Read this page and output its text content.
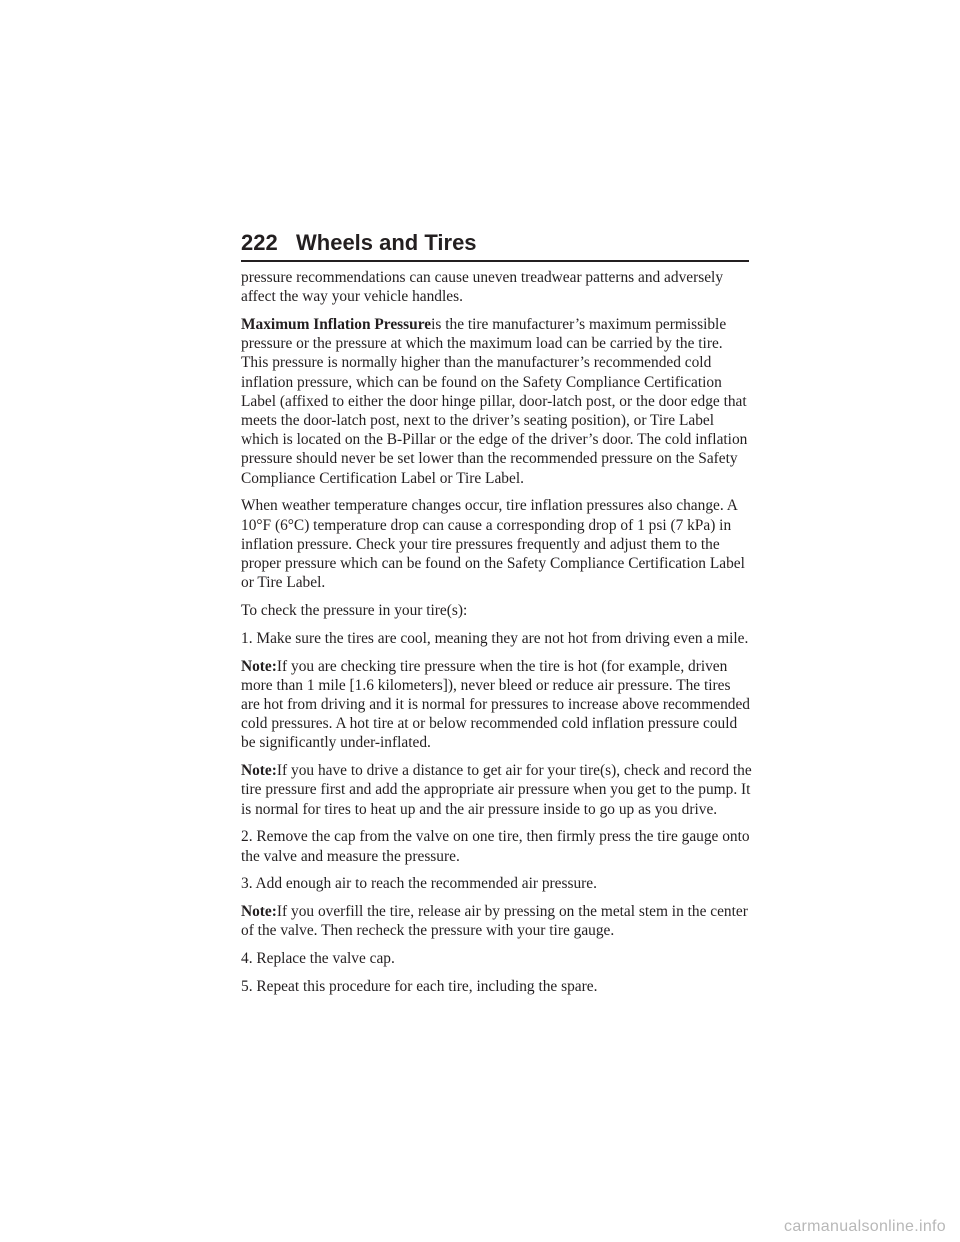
222 Wheels and Tires

pressure recommendations can cause uneven treadwear patterns and adversely affect the way your vehicle handles.

Maximum Inflation Pressureis the tire manufacturer’s maximum permissible pressure or the pressure at which the maximum load can be carried by the tire. This pressure is normally higher than the manufacturer’s recommended cold inflation pressure, which can be found on the Safety Compliance Certification Label (affixed to either the door hinge pillar, door-latch post, or the door edge that meets the door-latch post, next to the driver’s seating position), or Tire Label which is located on the B-Pillar or the edge of the driver’s door. The cold inflation pressure should never be set lower than the recommended pressure on the Safety Compliance Certification Label or Tire Label.

When weather temperature changes occur, tire inflation pressures also change. A 10°F (6°C) temperature drop can cause a corresponding drop of 1 psi (7 kPa) in inflation pressure. Check your tire pressures frequently and adjust them to the proper pressure which can be found on the Safety Compliance Certification Label or Tire Label.

To check the pressure in your tire(s):

1. Make sure the tires are cool, meaning they are not hot from driving even a mile.

Note:If you are checking tire pressure when the tire is hot (for example, driven more than 1 mile [1.6 kilometers]), never bleed or reduce air pressure. The tires are hot from driving and it is normal for pressures to increase above recommended cold pressures. A hot tire at or below recommended cold inflation pressure could be significantly under-inflated.

Note:If you have to drive a distance to get air for your tire(s), check and record the tire pressure first and add the appropriate air pressure when you get to the pump. It is normal for tires to heat up and the air pressure inside to go up as you drive.

2. Remove the cap from the valve on one tire, then firmly press the tire gauge onto the valve and measure the pressure.

3. Add enough air to reach the recommended air pressure.

Note:If you overfill the tire, release air by pressing on the metal stem in the center of the valve. Then recheck the pressure with your tire gauge.

4. Replace the valve cap.

5. Repeat this procedure for each tire, including the spare.

carmanualsonline.info
